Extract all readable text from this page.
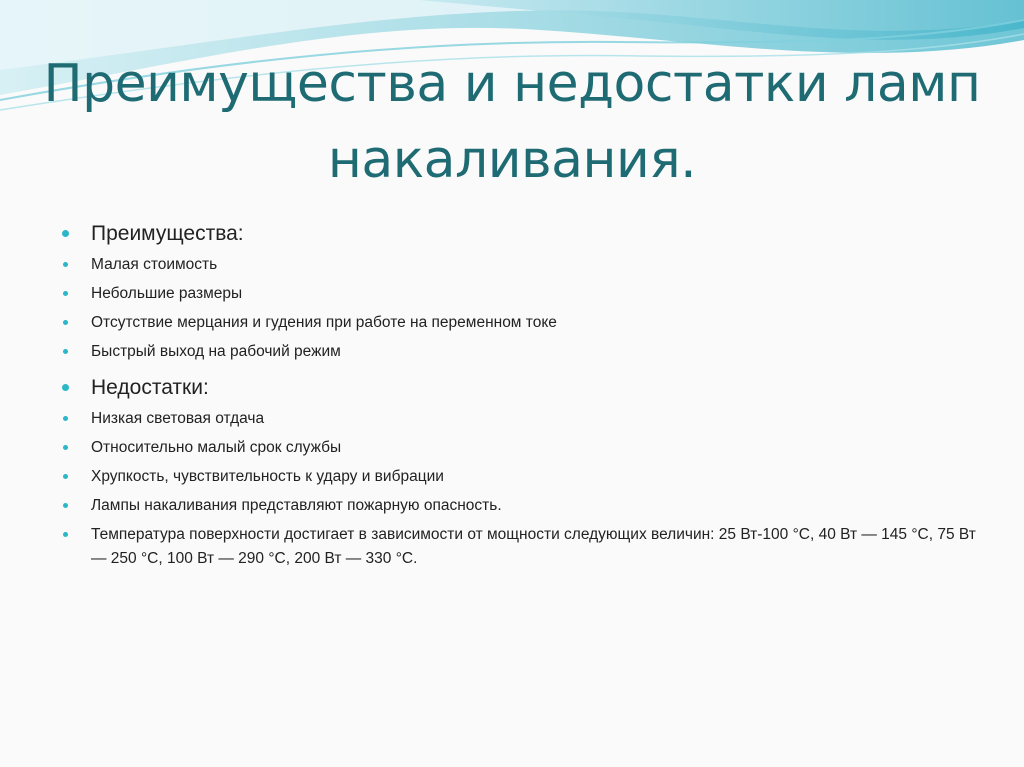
Преимущества и недостатки ламп накаливания.
Преимущества:
Малая стоимость
Небольшие размеры
Отсутствие мерцания и гудения при работе на переменном токе
Быстрый выход на рабочий режим
Недостатки:
Низкая световая отдача
Относительно малый срок службы
Хрупкость, чувствительность к удару и вибрации
Лампы накаливания представляют пожарную опасность.
Температура поверхности достигает в зависимости от мощности следующих величин: 25 Вт-100 °C, 40 Вт — 145 °C, 75 Вт — 250 °C, 100 Вт — 290 °C, 200 Вт — 330 °C.
